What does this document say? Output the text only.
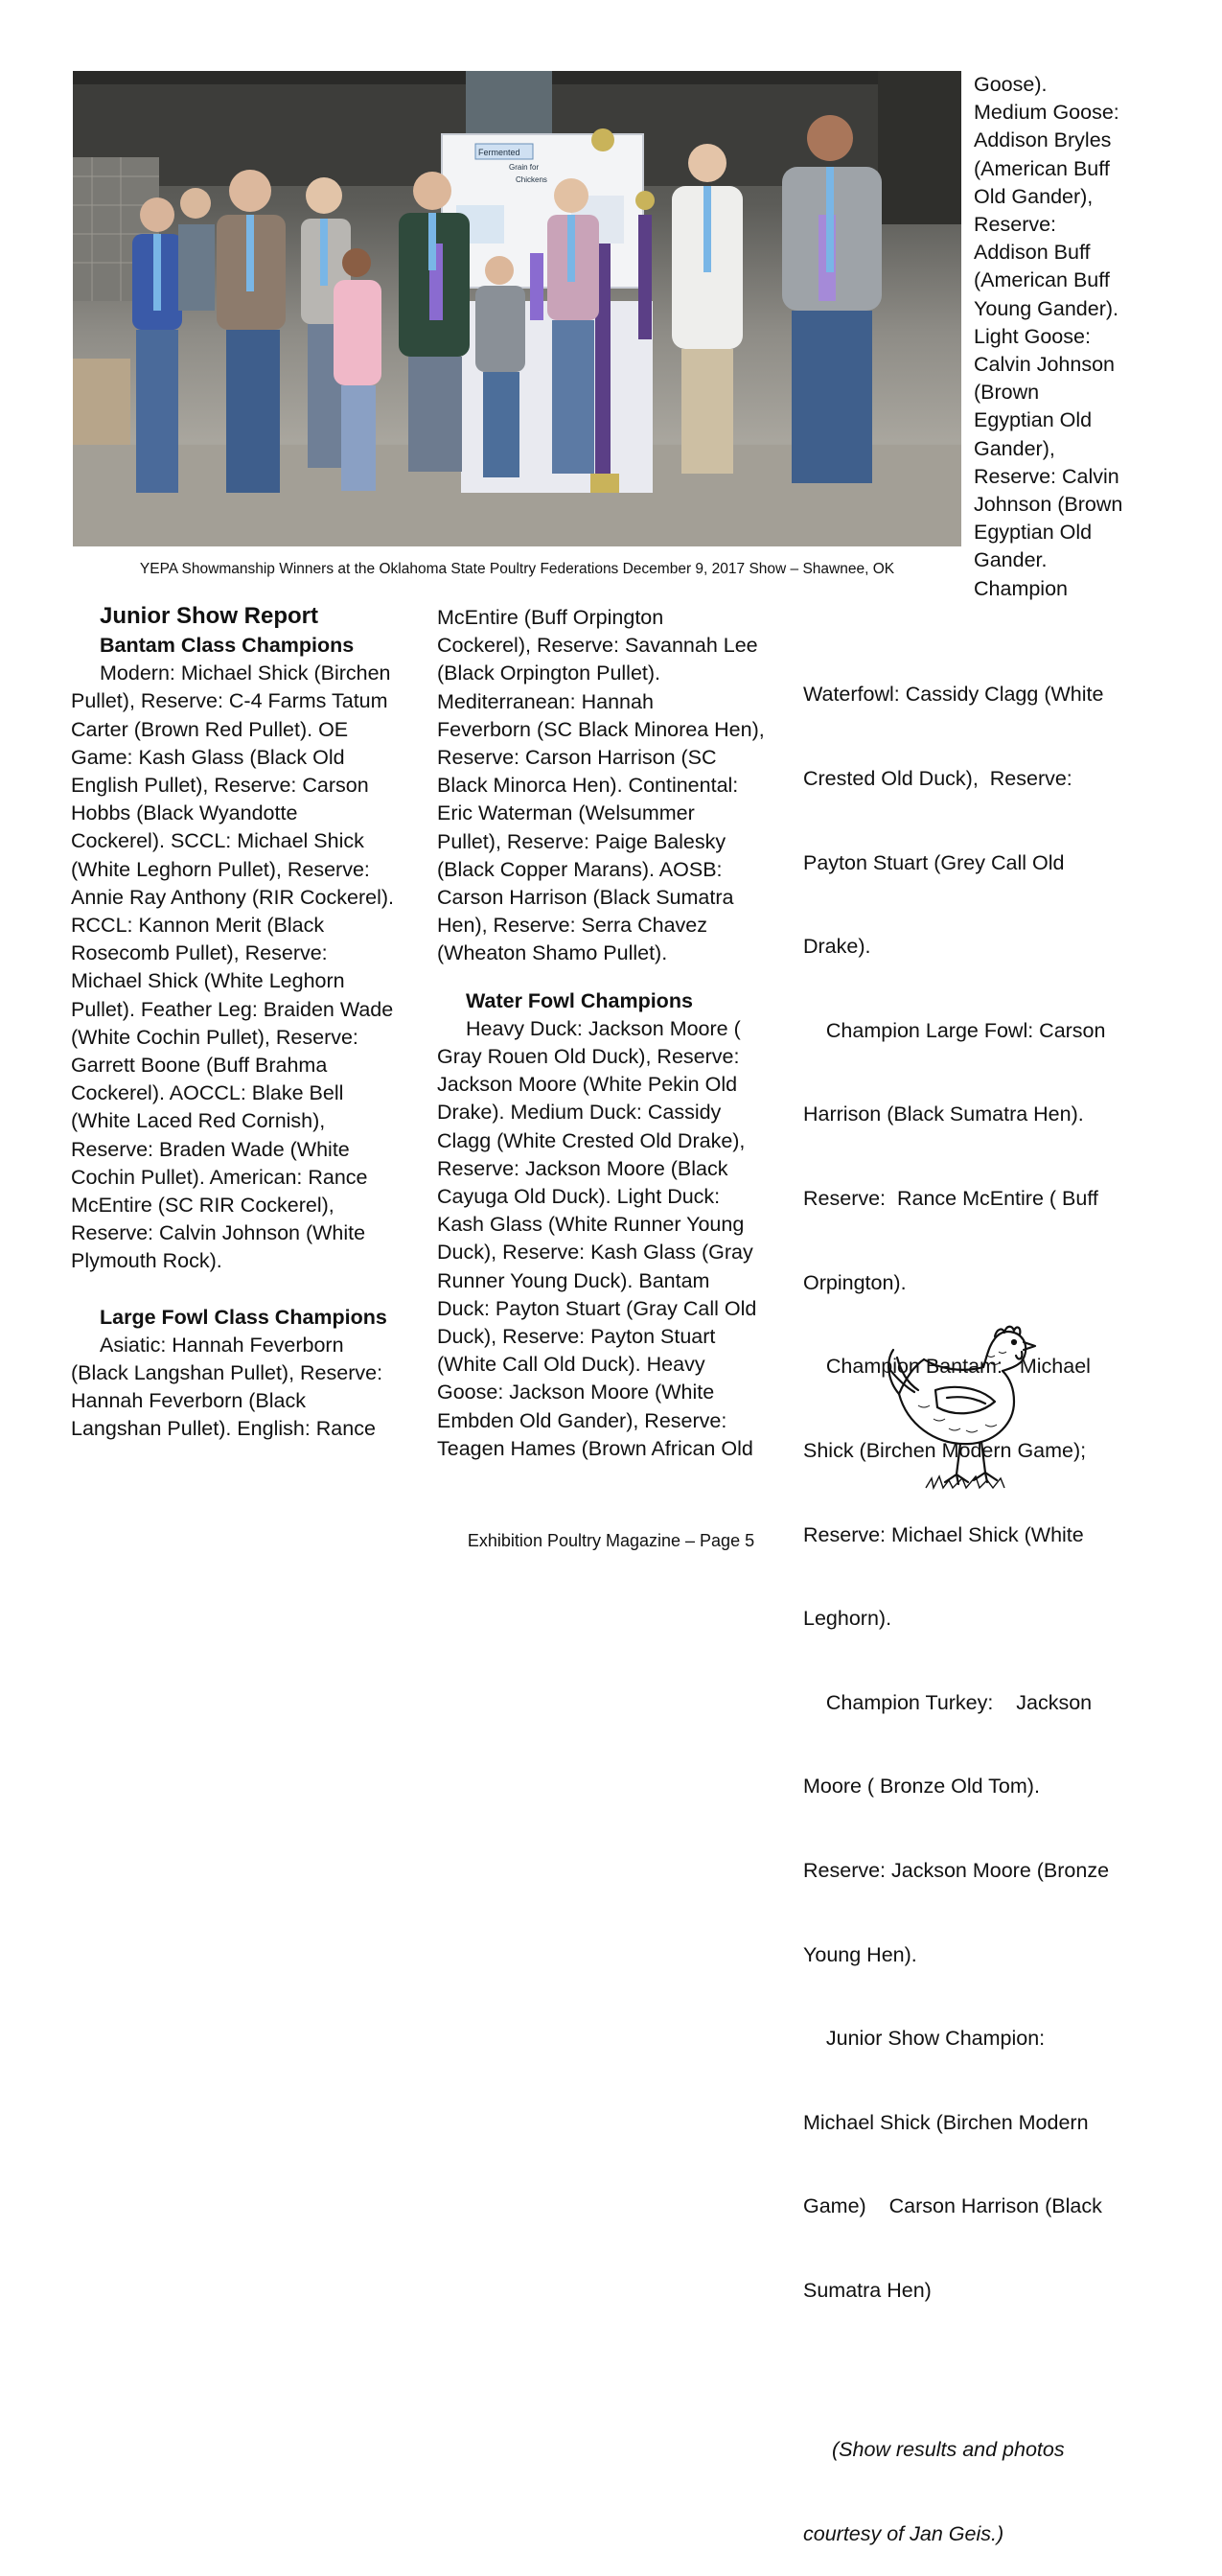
Fermented
Grain for
Chickens
YEPA Showmanship Winners at the Oklahoma State Poultry Federations December 9, 2017 Show – Shawnee, OK
Goose).
Medium Goose:
Addison Bryles
(American Buff
Old Gander),
Reserve:
Addison Buff
(American Buff
Young Gander).
Light Goose:
Calvin Johnson
(Brown
Egyptian Old
Gander),
Reserve: Calvin
Johnson (Brown
Egyptian Old
Gander.
Champion
Junior Show Report
Bantam Class Champions
Modern: Michael Shick (Birchen
Pullet), Reserve: C-4 Farms Tatum
Carter (Brown Red Pullet). OE
Game: Kash Glass (Black Old
English Pullet), Reserve: Carson
Hobbs (Black Wyandotte
Cockerel). SCCL: Michael Shick
(White Leghorn Pullet), Reserve:
Annie Ray Anthony (RIR Cockerel).
RCCL: Kannon Merit (Black
Rosecomb Pullet), Reserve:
Michael Shick (White Leghorn
Pullet). Feather Leg: Braiden Wade
(White Cochin Pullet), Reserve:
Garrett Boone (Buff Brahma
Cockerel). AOCCL: Blake Bell
(White Laced Red Cornish),
Reserve: Braden Wade (White
Cochin Pullet). American: Rance
McEntire (SC RIR Cockerel),
Reserve: Calvin Johnson (White
Plymouth Rock).
Large Fowl Class Champions
Asiatic: Hannah Feverborn
(Black Langshan Pullet), Reserve:
Hannah Feverborn (Black
Langshan Pullet). English: Rance
McEntire (Buff Orpington
Cockerel), Reserve: Savannah Lee
(Black Orpington Pullet).
Mediterranean: Hannah
Feverborn (SC Black Minorea Hen),
Reserve: Carson Harrison (SC
Black Minorca Hen). Continental:
Eric Waterman (Welsummer
Pullet), Reserve: Paige Balesky
(Black Copper Marans). AOSB:
Carson Harrison (Black Sumatra
Hen), Reserve: Serra Chavez
(Wheaton Shamo Pullet).
Water Fowl Champions
Heavy Duck: Jackson Moore (
Gray Rouen Old Duck), Reserve:
Jackson Moore (White Pekin Old
Drake). Medium Duck: Cassidy
Clagg (White Crested Old Drake),
Reserve: Jackson Moore (Black
Cayuga Old Duck). Light Duck:
Kash Glass (White Runner Young
Duck), Reserve: Kash Glass (Gray
Runner Young Duck). Bantam
Duck: Payton Stuart (Gray Call Old
Duck), Reserve: Payton Stuart
(White Call Old Duck). Heavy
Goose: Jackson Moore (White
Embden Old Gander), Reserve:
Teagen Hames (Brown African Old

Waterfowl: Cassidy Clagg (White

Crested Old Duck),  Reserve:

Payton Stuart (Grey Call Old

Drake).

Champion Large Fowl: Carson

Harrison (Black Sumatra Hen).

Reserve:  Rance McEntire ( Buff

Orpington).

Champion Bantam:   Michael

Shick (Birchen Modern Game);

Reserve: Michael Shick (White

Leghorn).

Champion Turkey:    Jackson

Moore ( Bronze Old Tom).

Reserve: Jackson Moore (Bronze

Young Hen).

Junior Show Champion:

Michael Shick (Birchen Modern

Game)    Carson Harrison (Black

Sumatra Hen)

(Show results and photos

courtesy of Jan Geis.)

Exhibition Poultry Magazine – Page 5
